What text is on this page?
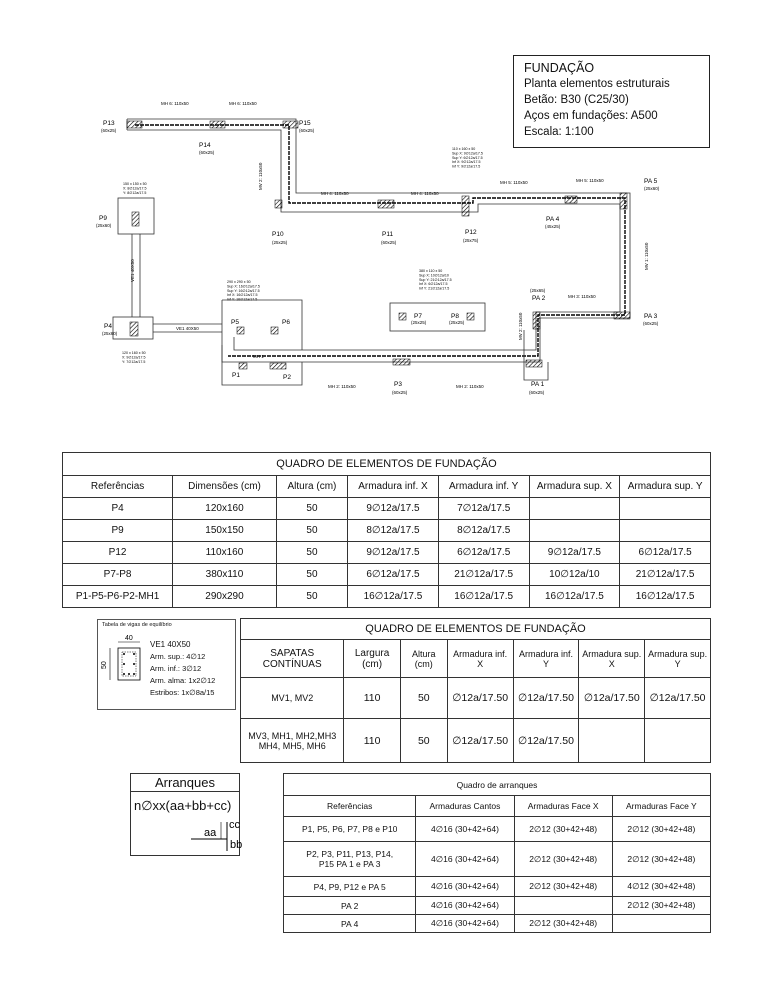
FUNDAÇÃO
Planta elementos estruturais
Betão: B30 (C25/30)
Aços em fundações: A500
Escala: 1:100
P13
(60x25)
P14
(60x25)
P15
(60x25)
P9
(25x60)
P4
(25x60)
P5	P6
P1	P2
P3
(60x25)
P10
(25x25)
P11
(60x25)
P12
(25x75)
P7
(25x25)
P8
(25x25)
PA 1
(60x25)
PA 2
(25x65)
PA 3
(60x25)
PA 4
(45x25)
PA 5
(25x60)
MH 6: 110x50	MH 6: 110x50
MV 2: 110x50
MH 4: 110x50	MH 4: 110x50
MH 5: 110x50	MH 5: 110x50
MV 1: 110x50
MH 3: 110x50
MV 2: 110x50
MH 1
MH 2: 110x50	MH 2: 110x50
VE1 40X50
VE1 40X50
150 x 150 x 50 X: 8∅12a/17.5 Y: 8∅12a/17.5
120 x 160 x 50 X: 9∅12a/17.5 Y: 7∅12a/17.5
290 x 290 x 50 Sup X: 16∅12a/17.5 Sup Y: 16∅12a/17.5 Inf X: 16∅12a/17.5 Inf Y: 16∅12a/17.5
110 x 160 x 50 Sup X: 9∅12a/17.5 Sup Y: 6∅12a/17.5 Inf X: 9∅12a/17.5 Inf Y: 9∅12a/17.5
380 x 110 x 50 Sup X: 10∅12a/10 Sup Y: 21∅12a/17.5 Inf X: 6∅12a/17.5 Inf Y: 21∅12a/17.5
QUADRO DE ELEMENTOS DE FUNDAÇÃO						
Referências	Dimensões (cm)	Altura (cm)	Armadura inf. X	Armadura inf. Y	Armadura sup. X	Armadura sup. Y
P4	120x160	50	9∅12a/17.5	7∅12a/17.5		
P9	150x150	50	8∅12a/17.5	8∅12a/17.5		
P12	110x160	50	9∅12a/17.5	6∅12a/17.5	9∅12a/17.5	6∅12a/17.5
P7-P8	380x110	50	6∅12a/17.5	21∅12a/17.5	10∅12a/10	21∅12a/17.5
P1-P5-P6-P2-MH1	290x290	50	16∅12a/17.5	16∅12a/17.5	16∅12a/17.5	16∅12a/17.5
Tabela de vigas de equilíbrio
40
50
VE1 40X50
Arm. sup.: 4∅12
Arm. inf.: 3∅12
Arm. alma: 1x2∅12
Estribos: 1x∅8a/15
QUADRO DE ELEMENTOS DE FUNDAÇÃO						
SAPATAS CONTÍNUAS	Largura (cm)	Altura (cm)	Armadura inf. X	Armadura inf. Y	Armadura sup. X	Armadura sup. Y
MV1, MV2	110	50	∅12a/17.50	∅12a/17.50	∅12a/17.50	∅12a/17.50
MV3, MH1, MH2,MH3 MH4, MH5, MH6	110	50	∅12a/17.50	∅12a/17.50		
Arranques
n∅xx(aa+bb+cc)
cc
aa
bb
Quadro de arranques			
Referências	Armaduras Cantos	Armaduras Face X	Armaduras Face Y
P1, P5, P6, P7, P8 e P10	4∅16 (30+42+64)	2∅12 (30+42+48)	2∅12 (30+42+48)
P2, P3, P11, P13, P14, P15 PA 1 e PA 3	4∅16 (30+42+64)	2∅12 (30+42+48)	2∅12 (30+42+48)
P4, P9, P12 e PA 5	4∅16 (30+42+64)	2∅12 (30+42+48)	4∅12 (30+42+48)
PA 2	4∅16 (30+42+64)		2∅12 (30+42+48)
PA 4	4∅16 (30+42+64)	2∅12 (30+42+48)	
